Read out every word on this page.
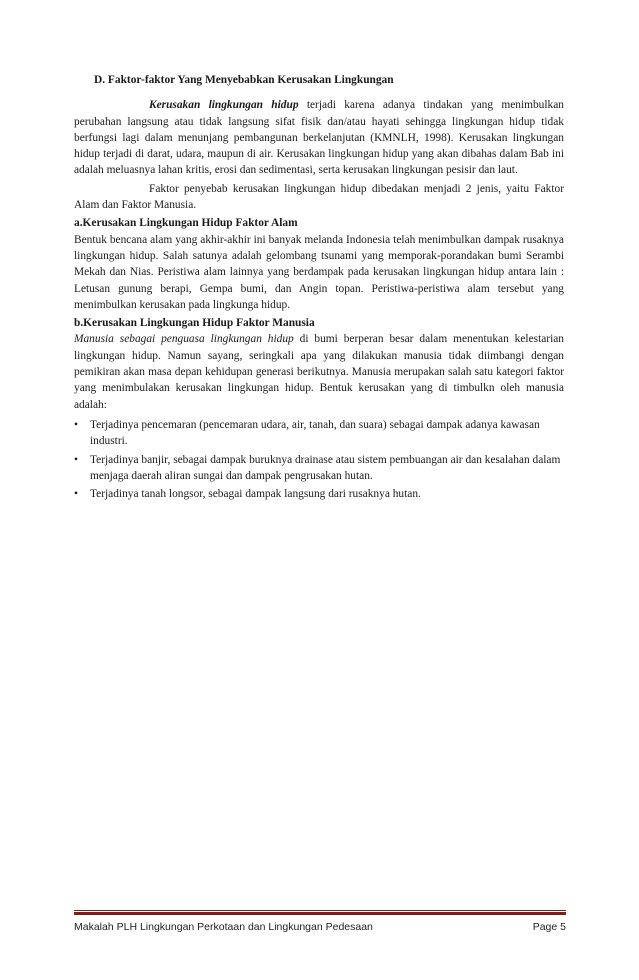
D. Faktor-faktor Yang Menyebabkan Kerusakan Lingkungan

Kerusakan lingkungan hidup terjadi karena adanya tindakan yang menimbulkan perubahan langsung atau tidak langsung sifat fisik dan/atau hayati sehingga lingkungan hidup tidak berfungsi lagi dalam menunjang pembangunan berkelanjutan (KMNLH, 1998). Kerusakan lingkungan hidup terjadi di darat, udara, maupun di air. Kerusakan lingkungan hidup yang akan dibahas dalam Bab ini adalah meluasnya lahan kritis, erosi dan sedimentasi, serta kerusakan lingkungan pesisir dan laut.

Faktor penyebab kerusakan lingkungan hidup dibedakan menjadi 2 jenis, yaitu Faktor Alam dan Faktor Manusia.

a.Kerusakan Lingkungan Hidup Faktor Alam

Bentuk bencana alam yang akhir-akhir ini banyak melanda Indonesia telah menimbulkan dampak rusaknya lingkungan hidup. Salah satunya adalah gelombang tsunami yang memporak-porandakan bumi Serambi Mekah dan Nias. Peristiwa alam lainnya yang berdampak pada kerusakan lingkungan hidup antara lain : Letusan gunung berapi, Gempa bumi, dan Angin topan. Peristiwa-peristiwa alam tersebut yang menimbulkan kerusakan pada lingkunga hidup.

b.Kerusakan Lingkungan Hidup Faktor Manusia

Manusia sebagai penguasa lingkungan hidup di bumi berperan besar dalam menentukan kelestarian lingkungan hidup. Namun sayang, seringkali apa yang dilakukan manusia tidak diimbangi dengan pemikiran akan masa depan kehidupan generasi berikutnya. Manusia merupakan salah satu kategori faktor yang menimbulakan kerusakan lingkungan hidup. Bentuk kerusakan yang di timbulkn oleh manusia adalah:

•	Terjadinya pencemaran (pencemaran udara, air, tanah, dan suara) sebagai dampak adanya kawasan industri.
•	Terjadinya banjir, sebagai dampak buruknya drainase atau sistem pembuangan air dan kesalahan dalam menjaga daerah aliran sungai dan dampak pengrusakan hutan.
•	Terjadinya tanah longsor, sebagai dampak langsung dari rusaknya hutan.
Makalah PLH Lingkungan Perkotaan dan Lingkungan Pedesaan	Page 5
